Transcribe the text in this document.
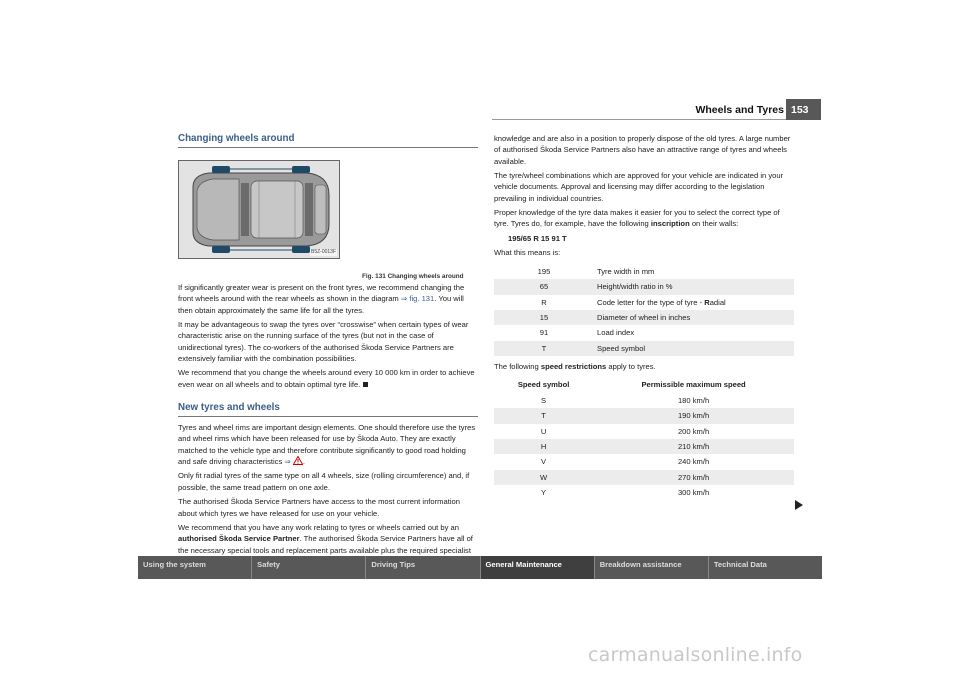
Wheels and Tyres 153
Changing wheels around
B5Z-0013F
Fig. 131 Changing wheels around

If significantly greater wear is present on the front tyres, we recommend changing the front wheels around with the rear wheels as shown in the diagram ⇒ fig. 131. You will then obtain approximately the same life for all the tyres.

It may be advantageous to swap the tyres over “crosswise” when certain types of wear characteristic arise on the running surface of the tyres (but not in the case of unidirectional tyres). The co-workers of the authorised Škoda Service Partners are extensively familiar with the combination possibilities.

We recommend that you change the wheels around every 10 000 km in order to achieve even wear on all wheels and to obtain optimal tyre life.

New tyres and wheels

Tyres and wheel rims are important design elements. One should therefore use the tyres and wheel rims which have been released for use by Škoda Auto. They are exactly matched to the vehicle type and therefore contribute significantly to good road holding and safe driving characteristics ⇒ .

Only fit radial tyres of the same type on all 4 wheels, size (rolling circumference) and, if possible, the same tread pattern on one axle.

The authorised Škoda Service Partners have access to the most current information about which tyres we have released for use on your vehicle.

We recommend that you have any work relating to tyres or wheels carried out by an authorised Škoda Service Partner. The authorised Škoda Service Partners have all of the necessary special tools and replacement parts available plus the required specialist

knowledge and are also in a position to properly dispose of the old tyres. A large number of authorised Škoda Service Partners also have an attractive range of tyres and wheels available.

The tyre/wheel combinations which are approved for your vehicle are indicated in your vehicle documents. Approval and licensing may differ according to the legislation prevailing in individual countries.

Proper knowledge of the tyre data makes it easier for you to select the correct type of tyre. Tyres do, for example, have the following inscription on their walls:

195/65 R 15 91 T

What this means is:

195	Tyre width in mm
65	Height/width ratio in %
R	Code letter for the type of tyre - Radial
15	Diameter of wheel in inches
91	Load index
T	Speed symbol

The following speed restrictions apply to tyres.

Speed symbol	Permissible maximum speed
S	180 km/h
T	190 km/h
U	200 km/h
H	210 km/h
V	240 km/h
W	270 km/h
Y	300 km/h
Using the system	Safety	Driving Tips	General Maintenance	Breakdown assistance	Technical Data
carmanualsonline.info
